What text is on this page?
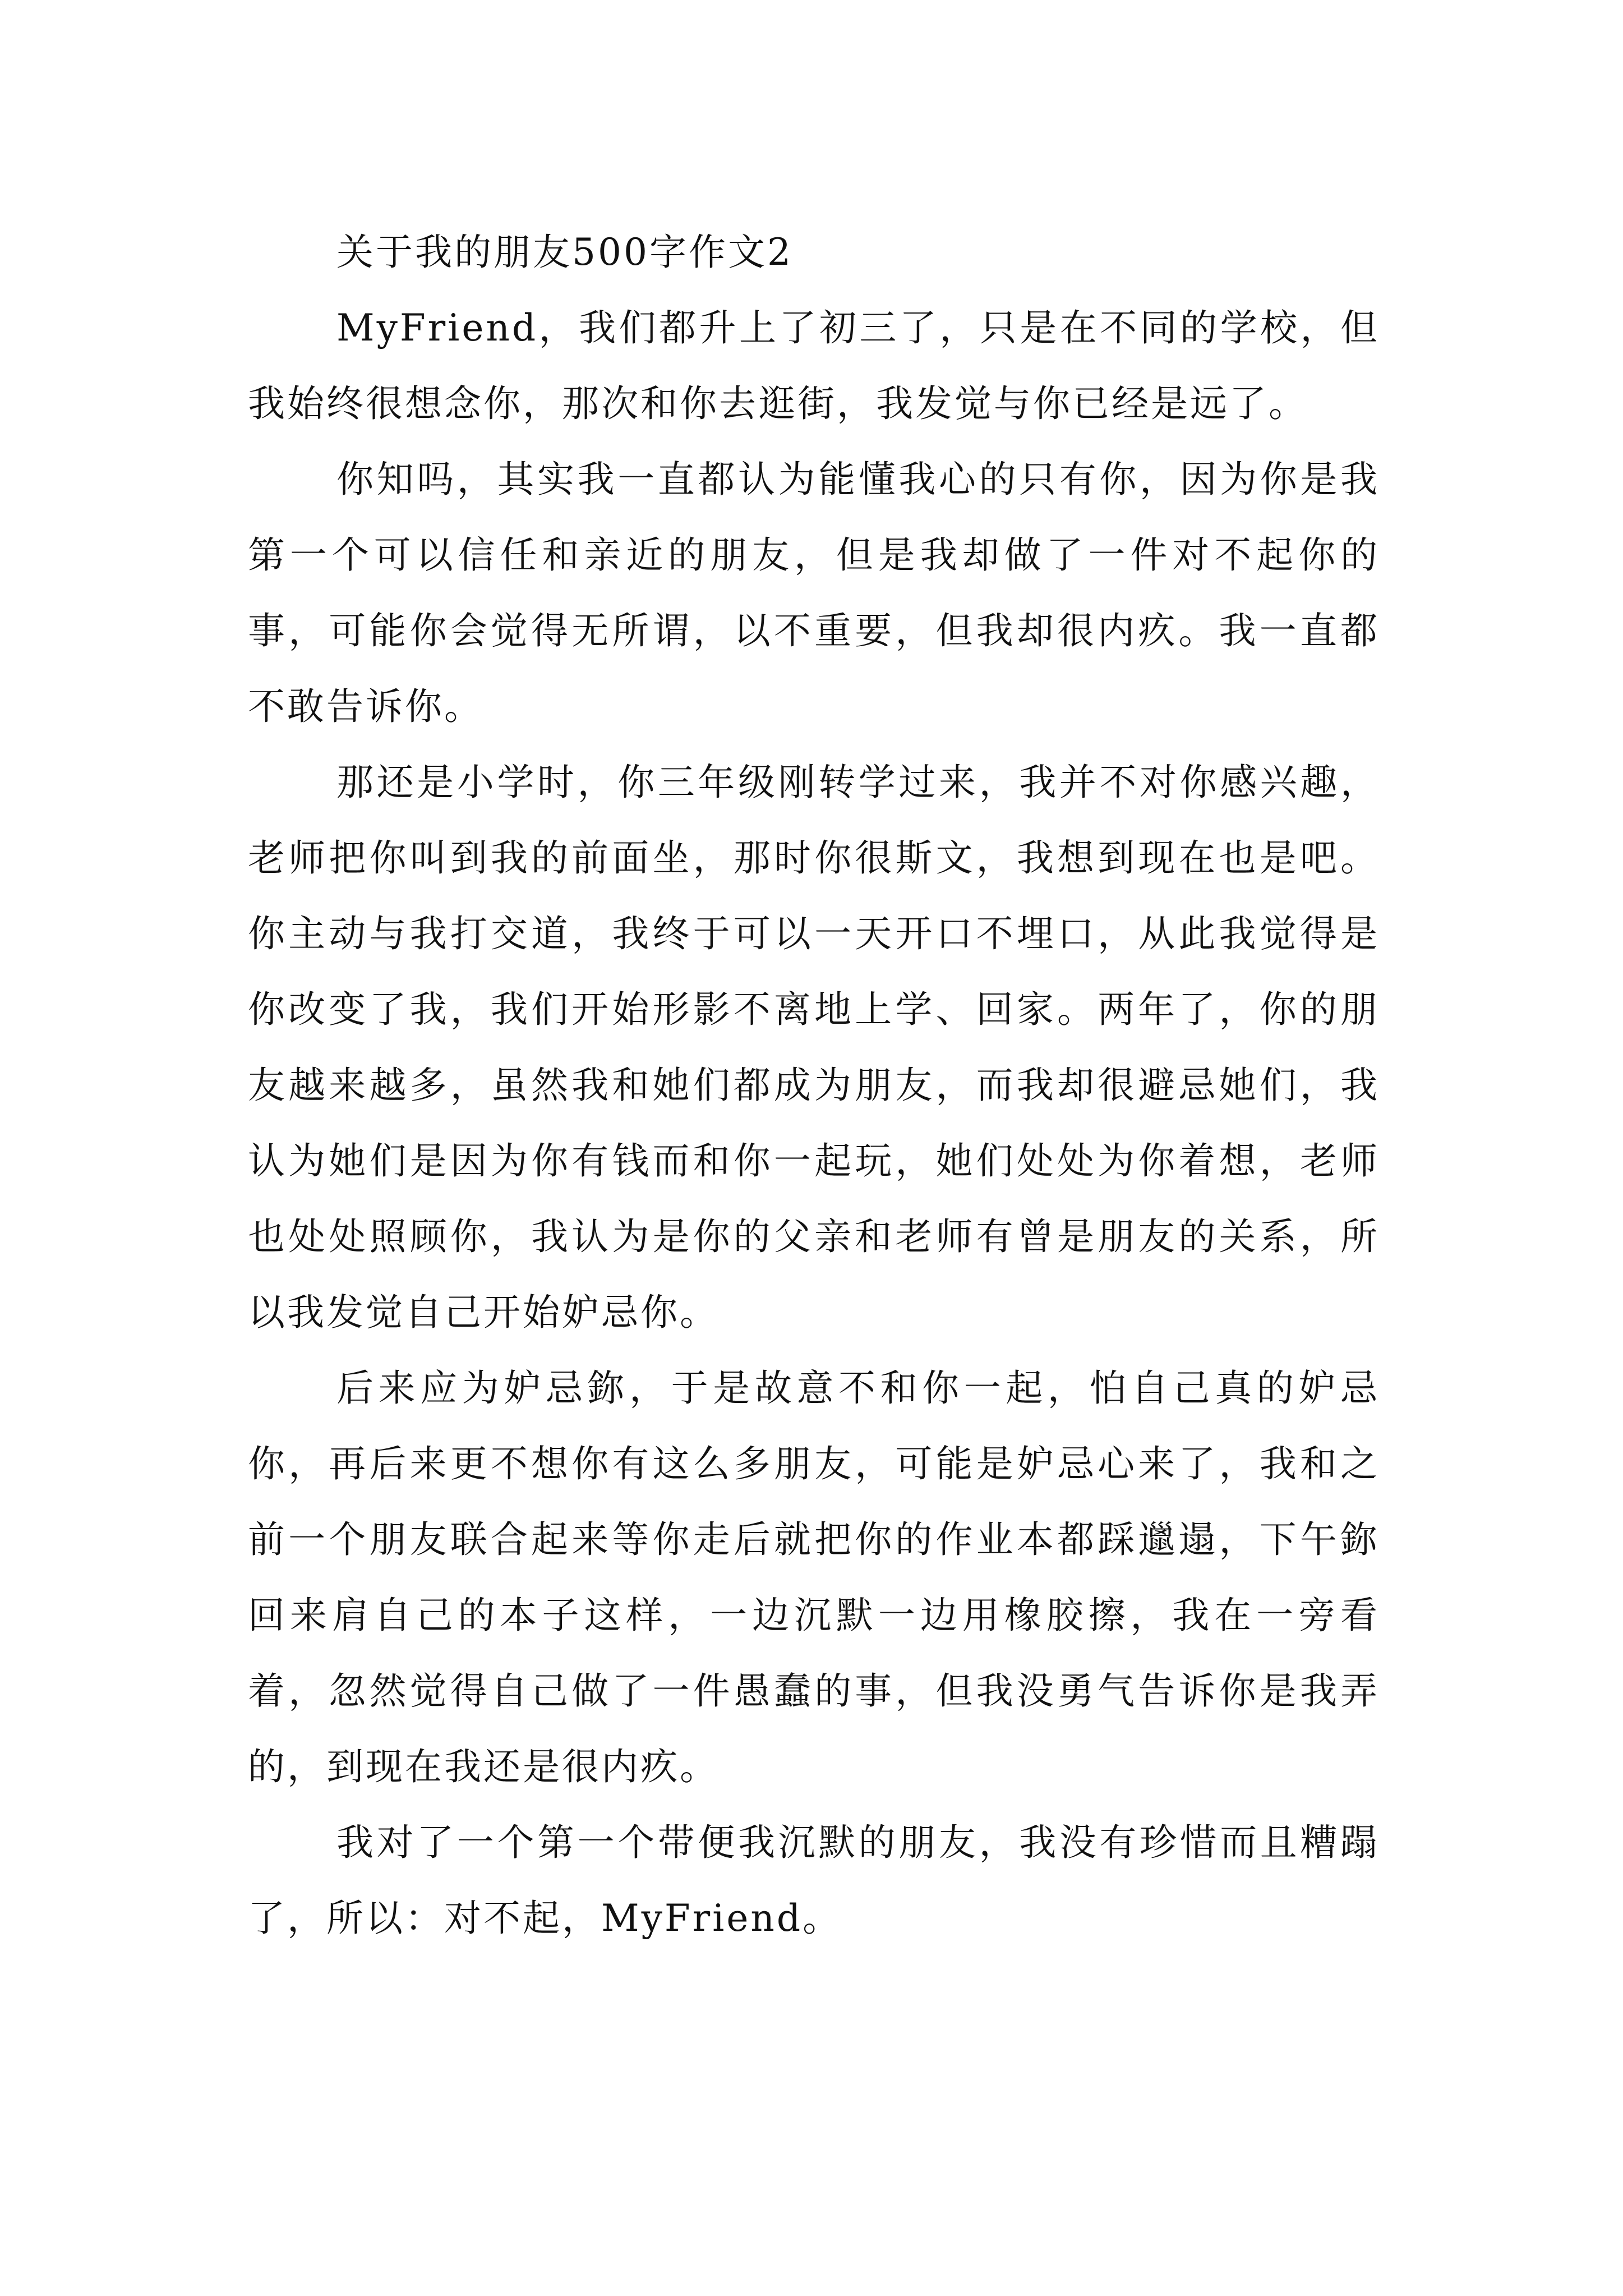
关于我的朋友500字作文2

MyFriend，我们都升上了初三了，只是在不同的学校，但我始终很想念你，那次和你去逛街，我发觉与你已经是远了。

你知吗，其实我一直都认为能懂我心的只有你，因为你是我第一个可以信任和亲近的朋友，但是我却做了一件对不起你的事，可能你会觉得无所谓，以不重要，但我却很内疚。我一直都不敢告诉你。

那还是小学时，你三年级刚转学过来，我并不对你感兴趣，老师把你叫到我的前面坐，那时你很斯文，我想到现在也是吧。你主动与我打交道，我终于可以一天开口不埋口，从此我觉得是你改变了我，我们开始形影不离地上学、回家。两年了，你的朋友越来越多，虽然我和她们都成为朋友，而我却很避忌她们，我认为她们是因为你有钱而和你一起玩，她们处处为你着想，老师也处处照顾你，我认为是你的父亲和老师有曾是朋友的关系，所以我发觉自己开始妒忌你。

后来应为妒忌鉨，于是故意不和你一起，怕自己真的妒忌你，再后来更不想你有这么多朋友，可能是妒忌心来了，我和之前一个朋友联合起来等你走后就把你的作业本都踩邋遢，下午鉨回来肩自己的本子这样，一边沉默一边用橡胶擦，我在一旁看着，忽然觉得自己做了一件愚蠢的事，但我没勇气告诉你是我弄的，到现在我还是很内疚。

我对了一个第一个带便我沉默的朋友，我没有珍惜而且糟蹋了，所以：对不起，MyFriend。
